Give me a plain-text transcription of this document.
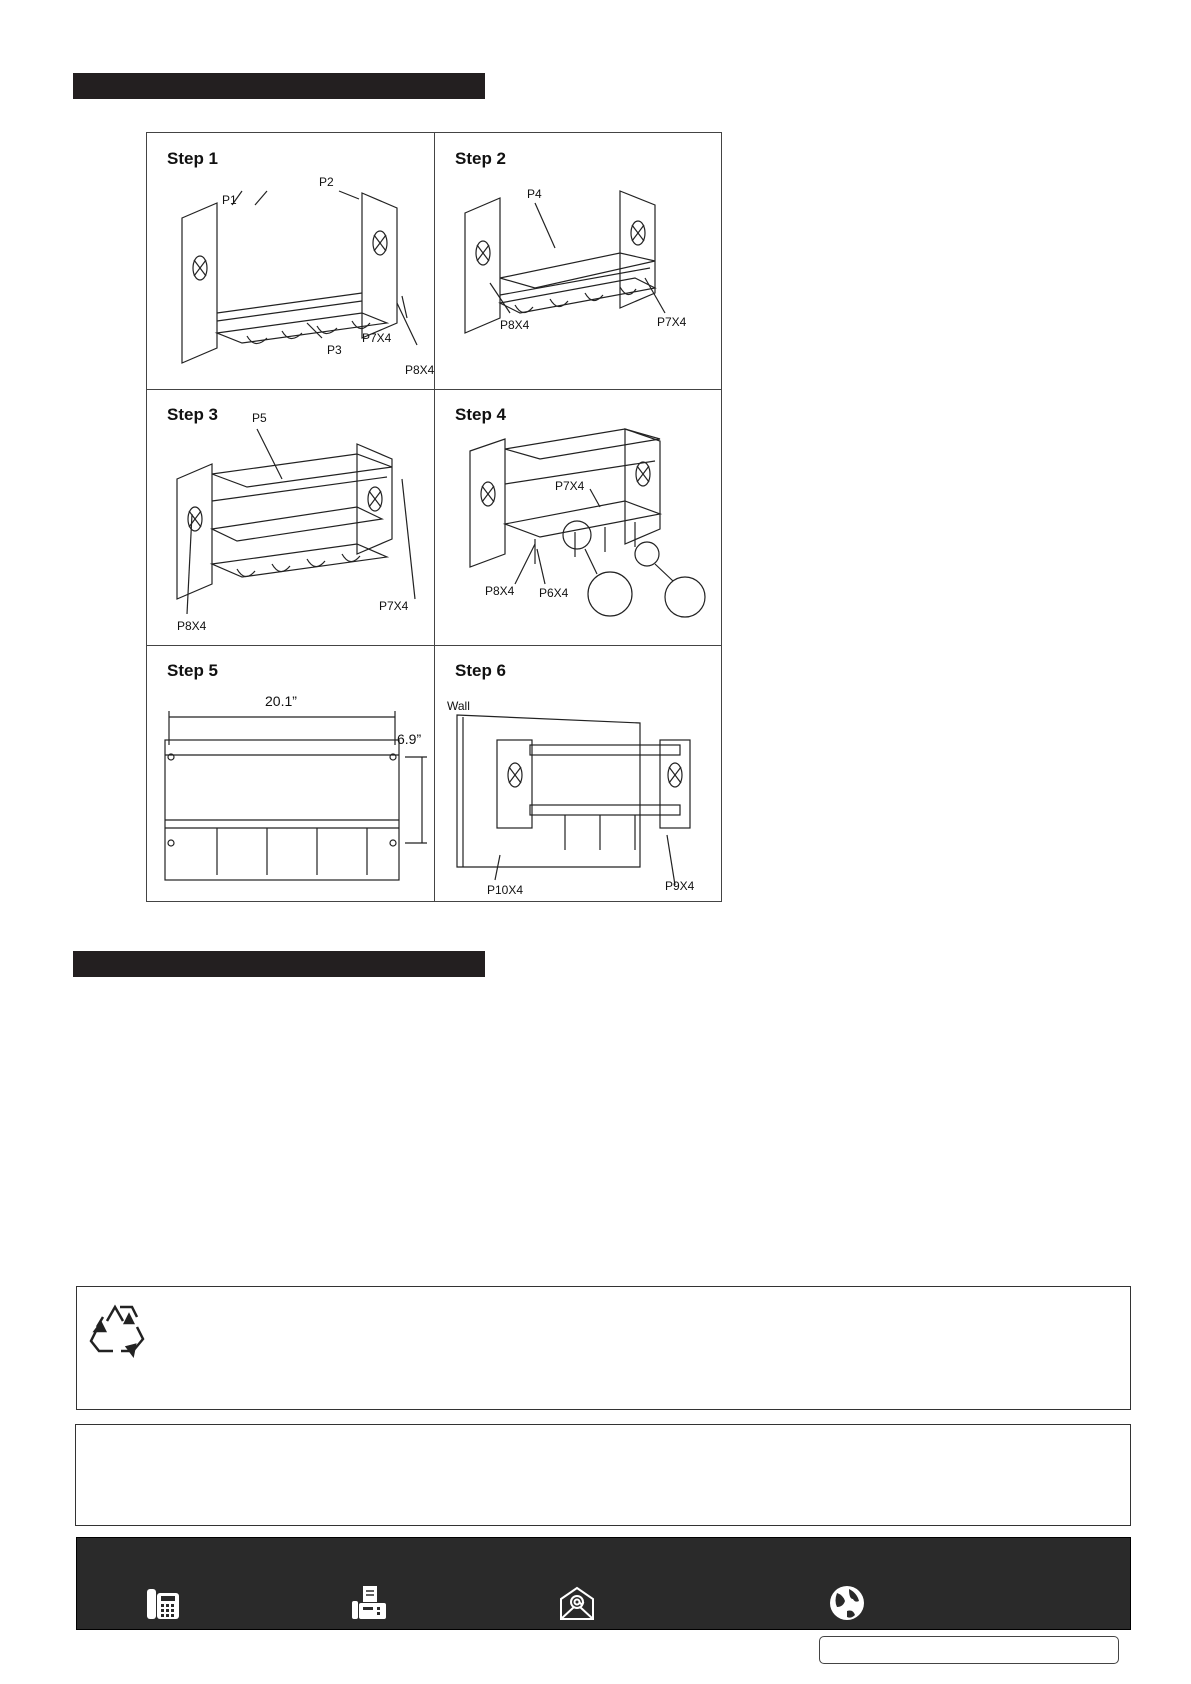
Step 1
P1
P2
P3
P7X4
P8X4
Step 2
P4
P8X4	P7X4
Step 3	P5
P8X4
P7X4
Step 4
P7X4
P8X4 P6X4
Step 5
20.1”
6.9”
Step 6
Wall
P10X4	P9X4
